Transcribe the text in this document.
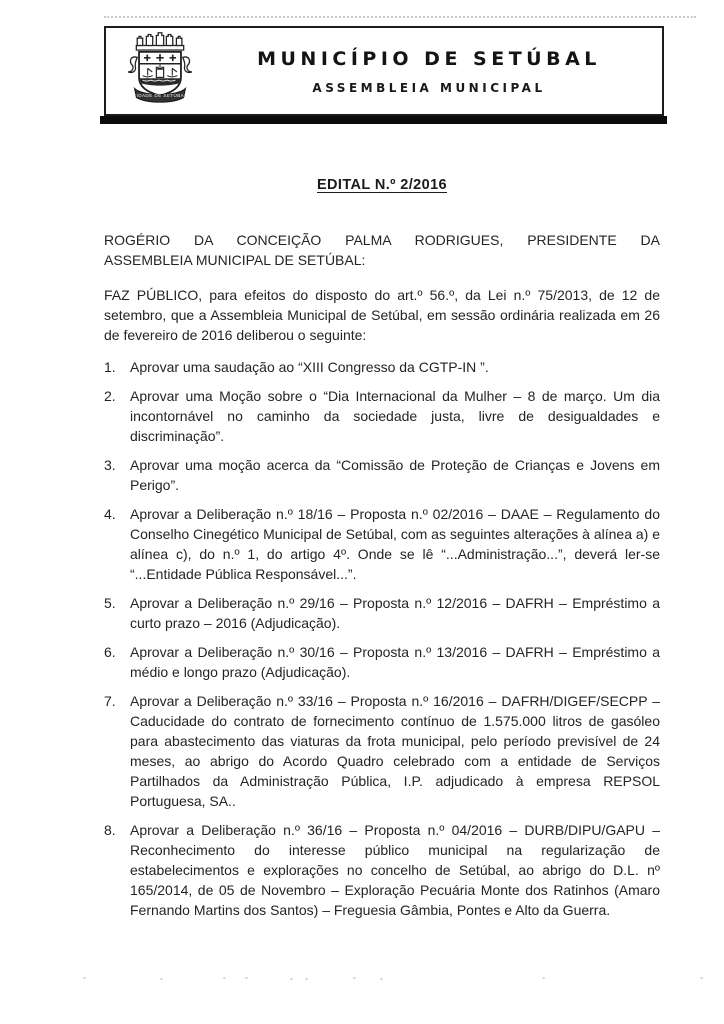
CIDADE DE SETÚBAL
MUNICÍPIO DE SETÚBAL
ASSEMBLEIA MUNICIPAL
EDITAL N.º 2/2016

ROGÉRIO DA CONCEIÇÃO PALMA RODRIGUES, PRESIDENTE DA
ASSEMBLEIA MUNICIPAL DE SETÚBAL:

FAZ PÚBLICO, para efeitos do disposto do art.º 56.º, da Lei n.º 75/2013, de 12 de setembro, que a Assembleia Municipal de Setúbal, em sessão ordinária realizada em 26 de fevereiro de 2016 deliberou o seguinte:

1.	Aprovar uma saudação ao “XIII Congresso da CGTP-IN ”.
2.	Aprovar uma Moção sobre o “Dia Internacional da Mulher – 8 de março. Um dia incontornável no caminho da sociedade justa, livre de desigualdades e discriminação”.
3.	Aprovar uma moção acerca da “Comissão de Proteção de Crianças e Jovens em Perigo”.
4.	Aprovar a Deliberação n.º 18/16 – Proposta n.º 02/2016 – DAAE – Regulamento do Conselho Cinegético Municipal de Setúbal, com as seguintes alterações à alínea a) e alínea c), do n.º 1, do artigo 4º. Onde se lê “...Administração...”, deverá ler-se “...Entidade Pública Responsável...”.
5.	Aprovar a Deliberação n.º 29/16 – Proposta n.º 12/2016 – DAFRH – Empréstimo a curto prazo – 2016 (Adjudicação).
6.	Aprovar a Deliberação n.º 30/16 – Proposta n.º 13/2016 – DAFRH – Empréstimo a médio e longo prazo (Adjudicação).
7.	Aprovar a Deliberação n.º 33/16 – Proposta n.º 16/2016 – DAFRH/DIGEF/SECPP – Caducidade do contrato de fornecimento contínuo de 1.575.000 litros de gasóleo para abastecimento das viaturas da frota municipal, pelo período previsível de 24 meses, ao abrigo do Acordo Quadro celebrado com a entidade de Serviços Partilhados da Administração Pública, I.P. adjudicado à empresa REPSOL Portuguesa, SA..
8.	Aprovar a Deliberação n.º 36/16 – Proposta n.º 04/2016 – DURB/DIPU/GAPU – Reconhecimento do interesse público municipal na regularização de estabelecimentos e explorações no concelho de Setúbal, ao abrigo do D.L. nº 165/2014, de 05 de Novembro – Exploração Pecuária Monte dos Ratinhos (Amaro Fernando Martins dos Santos) – Freguesia Gâmbia, Pontes e Alto da Guerra.
